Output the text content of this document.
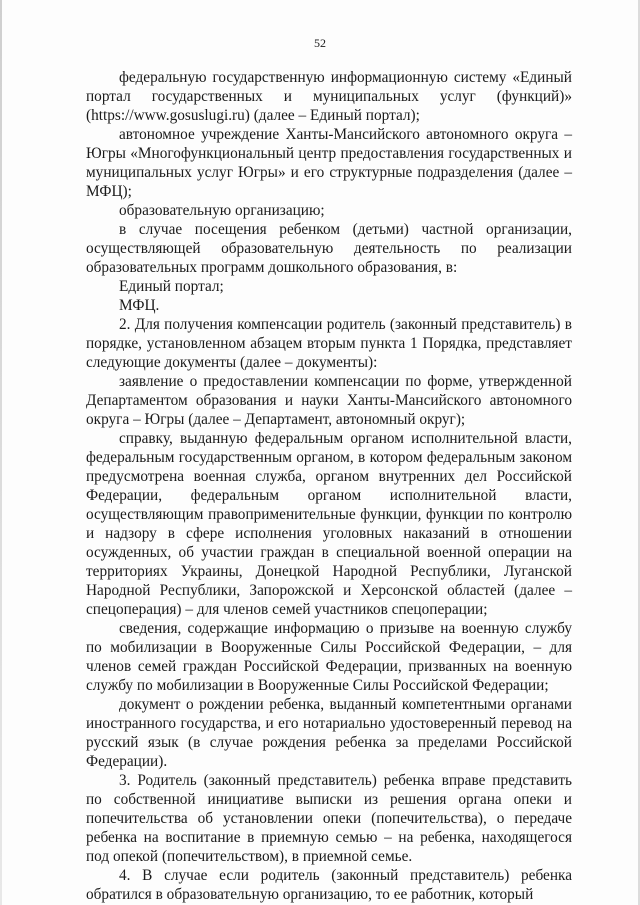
52

федеральную государственную информационную систему «Единый портал государственных и муниципальных услуг (функций)» (https://www.gosuslugi.ru) (далее – Единый портал);

автономное учреждение Ханты-Мансийского автономного округа – Югры «Многофункциональный центр предоставления государственных и муниципальных услуг Югры» и его структурные подразделения (далее – МФЦ);

образовательную организацию;

в случае посещения ребенком (детьми) частной организации, осуществляющей образовательную деятельность по реализации образовательных программ дошкольного образования, в:

Единый портал;

МФЦ.

2. Для получения компенсации родитель (законный представитель) в порядке, установленном абзацем вторым пункта 1 Порядка, представляет следующие документы (далее – документы):

заявление о предоставлении компенсации по форме, утвержденной Департаментом образования и науки Ханты-Мансийского автономного округа – Югры (далее – Департамент, автономный округ);

справку, выданную федеральным органом исполнительной власти, федеральным государственным органом, в котором федеральным законом предусмотрена военная служба, органом внутренних дел Российской Федерации, федеральным органом исполнительной власти, осуществляющим правоприменительные функции, функции по контролю и надзору в сфере исполнения уголовных наказаний в отношении осужденных, об участии граждан в специальной военной операции на территориях Украины, Донецкой Народной Республики, Луганской Народной Республики, Запорожской и Херсонской областей (далее – спецоперация) – для членов семей участников спецоперации;

сведения, содержащие информацию о призыве на военную службу по мобилизации в Вооруженные Силы Российской Федерации, – для членов семей граждан Российской Федерации, призванных на военную службу по мобилизации в Вооруженные Силы Российской Федерации;

документ о рождении ребенка, выданный компетентными органами иностранного государства, и его нотариально удостоверенный перевод на русский язык (в случае рождения ребенка за пределами Российской Федерации).

3. Родитель (законный представитель) ребенка вправе представить по собственной инициативе выписки из решения органа опеки и попечительства об установлении опеки (попечительства), о передаче ребенка на воспитание в приемную семью – на ребенка, находящегося под опекой (попечительством), в приемной семье.

4. В случае если родитель (законный представитель) ребенка обратился в образовательную организацию, то ее работник, который
